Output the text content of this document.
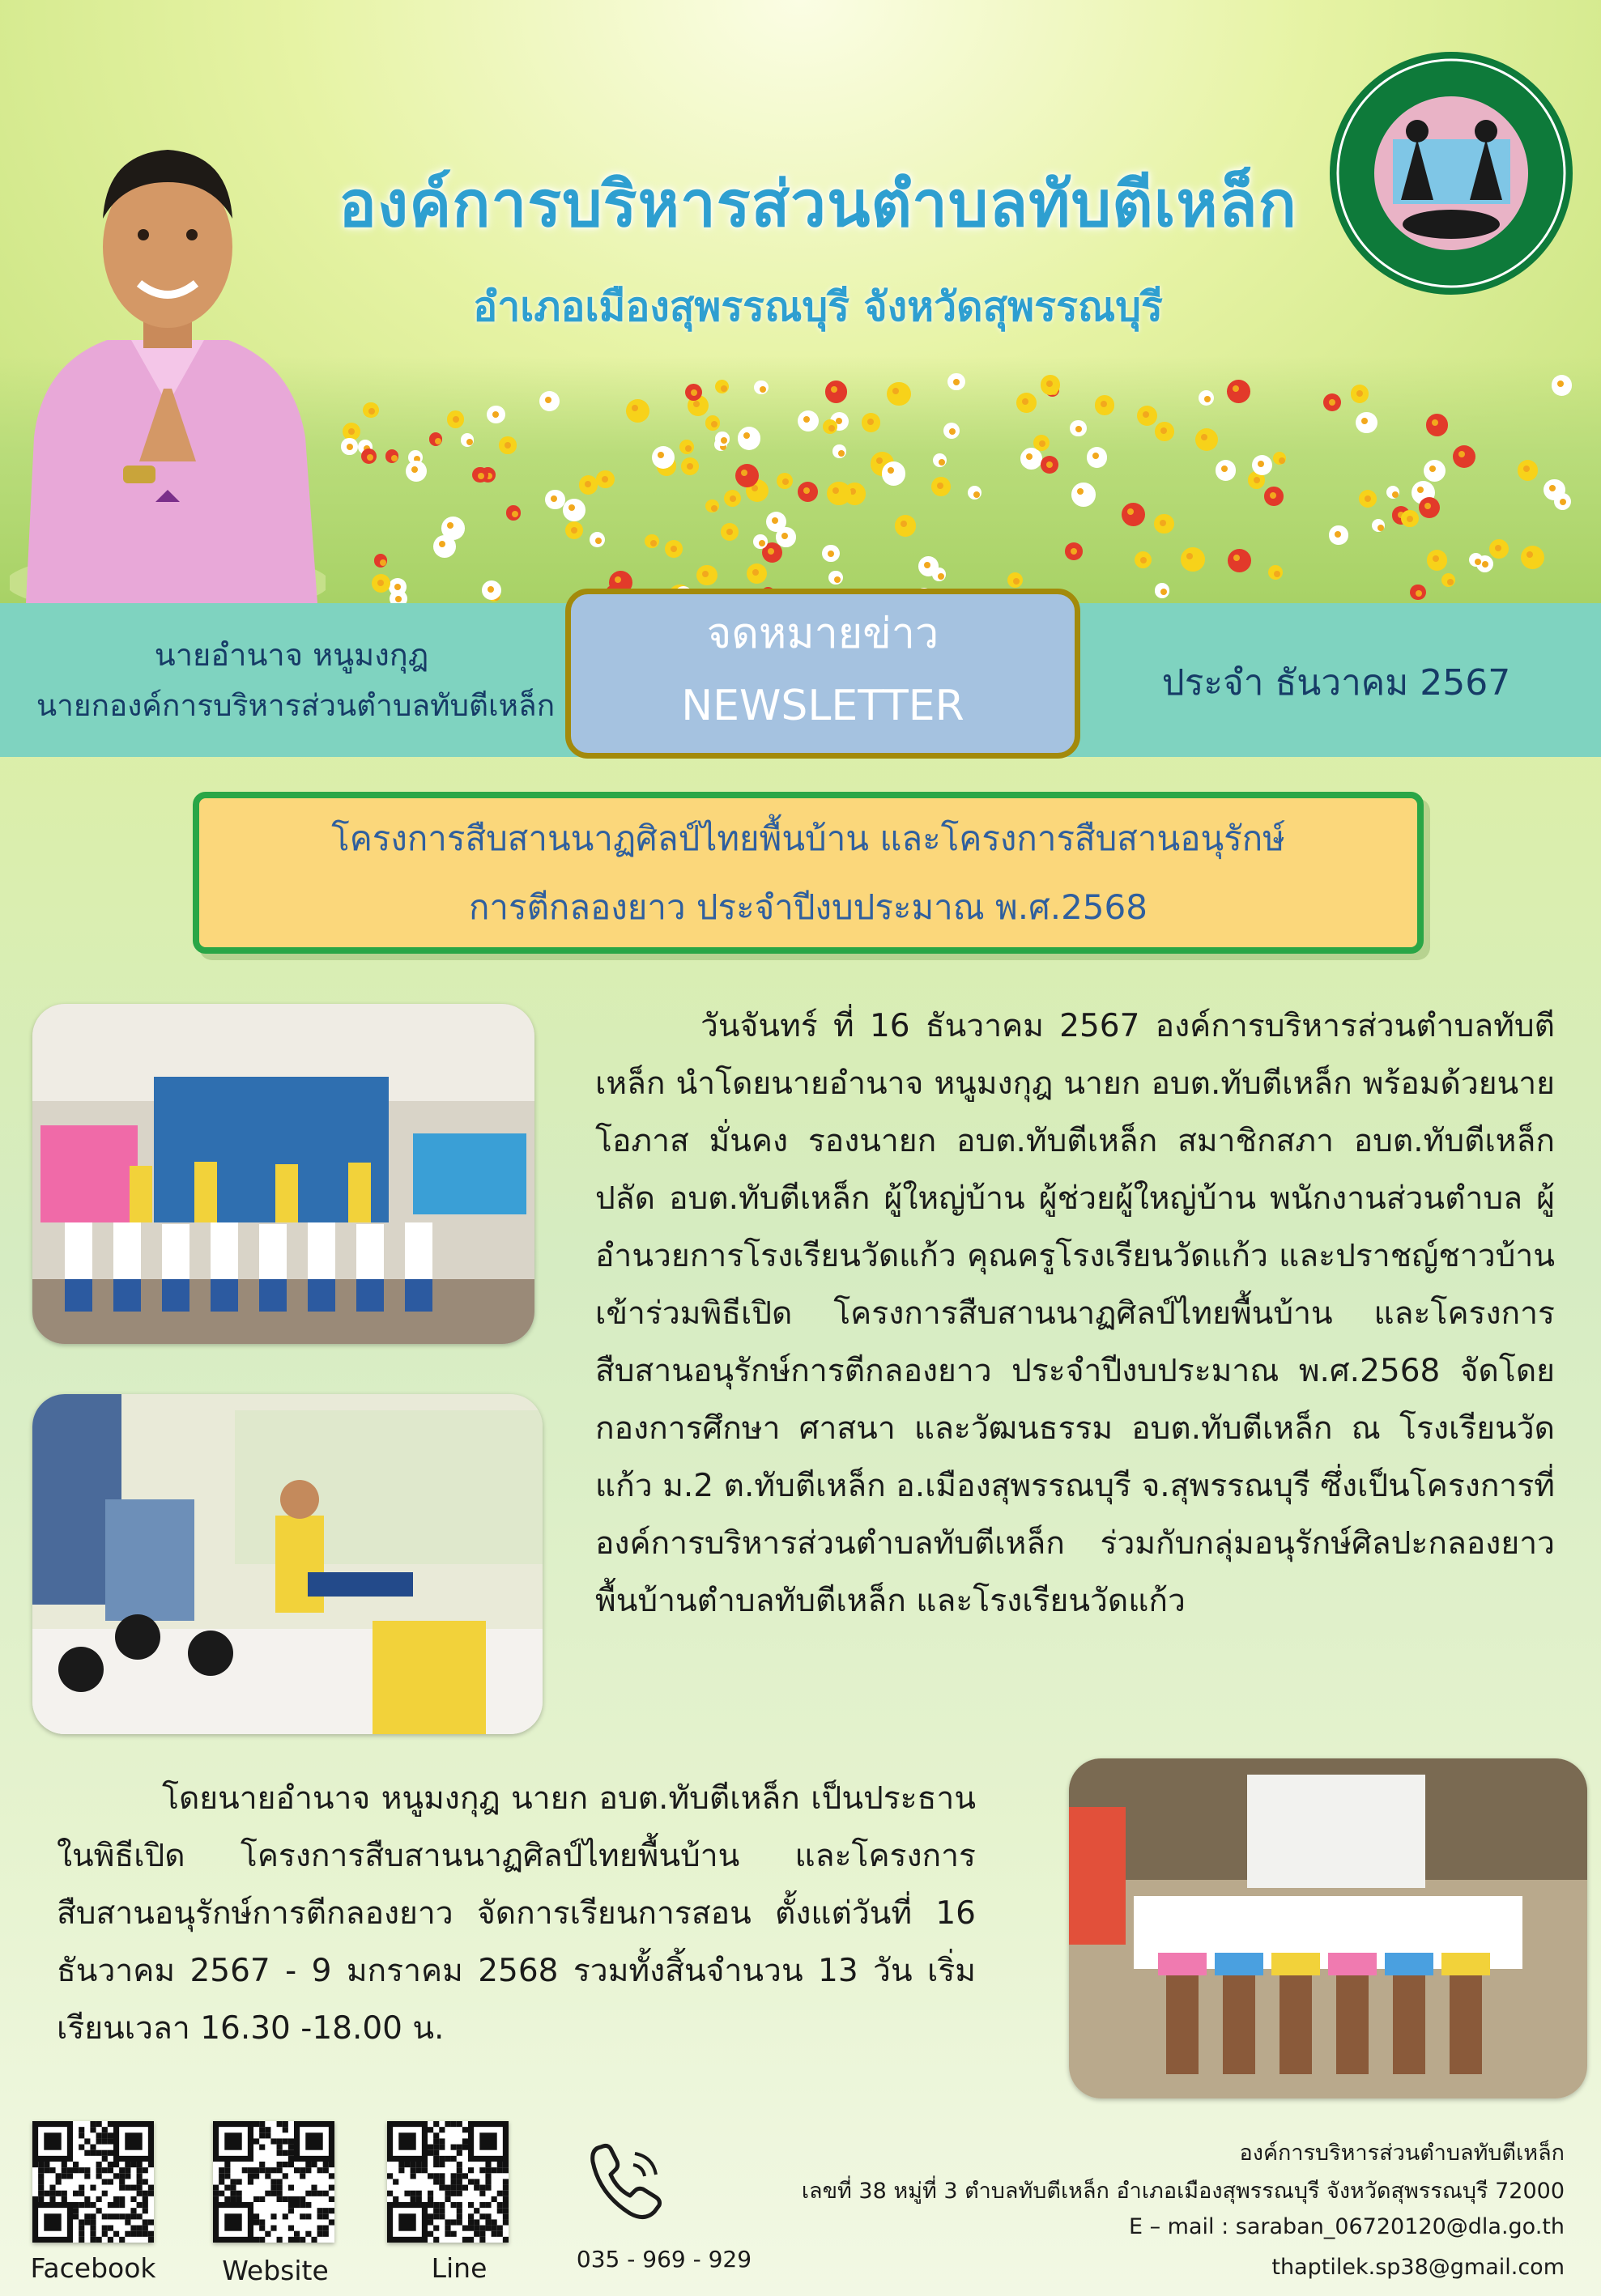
องค์การบริหารส่วนตำบลทับตีเหล็ก
อำเภอเมืองสุพรรณบุรี จังหวัดสุพรรณบุรี
นายอำนาจ หนูมงกุฎ
นายกองค์การบริหารส่วนตำบลทับตีเหล็ก
จดหมายข่าว
NEWSLETTER	ประจำ ธันวาคม 2567
โครงการสืบสานนาฏศิลป์ไทยพื้นบ้าน และโครงการสืบสานอนุรักษ์
การตีกลองยาว ประจำปีงบประมาณ พ.ศ.2568

วันจันทร์ ที่ 16 ธันวาคม 2567 องค์การบริหารส่วนตำบลทับตีเหล็ก นำโดยนายอำนาจ หนูมงกุฎ นายก อบต.ทับตีเหล็ก พร้อมด้วยนายโอภาส มั่นคง รองนายก อบต.ทับตีเหล็ก สมาชิกสภา อบต.ทับตีเหล็ก ปลัด อบต.ทับตีเหล็ก ผู้ใหญ่บ้าน ผู้ช่วยผู้ใหญ่บ้าน พนักงานส่วนตำบล ผู้อำนวยการโรงเรียนวัดแก้ว คุณครูโรงเรียนวัดแก้ว และปราชญ์ชาวบ้าน เข้าร่วมพิธีเปิด โครงการสืบสานนาฏศิลป์ไทยพื้นบ้าน และโครงการสืบสานอนุรักษ์การตีกลองยาว ประจำปีงบประมาณ พ.ศ.2568 จัดโดยกองการศึกษา ศาสนา และวัฒนธรรม อบต.ทับตีเหล็ก ณ โรงเรียนวัดแก้ว ม.2 ต.ทับตีเหล็ก อ.เมืองสุพรรณบุรี จ.สุพรรณบุรี ซึ่งเป็นโครงการที่องค์การบริหารส่วนตำบลทับตีเหล็ก ร่วมกับกลุ่มอนุรักษ์ศิลปะกลองยาวพื้นบ้านตำบลทับตีเหล็ก และโรงเรียนวัดแก้ว

โดยนายอำนาจ หนูมงกุฎ นายก อบต.ทับตีเหล็ก เป็นประธานในพิธีเปิด โครงการสืบสานนาฏศิลป์ไทยพื้นบ้าน และโครงการสืบสานอนุรักษ์การตีกลองยาว จัดการเรียนการสอน ตั้งแต่วันที่ 16 ธันวาคม 2567 - 9 มกราคม 2568 รวมทั้งสิ้นจำนวน 13 วัน เริ่มเรียนเวลา 16.30 -18.00 น.

Facebook	Website	Line	035 - 969 - 929
องค์การบริหารส่วนตำบลทับตีเหล็ก
เลขที่ 38 หมู่ที่ 3 ตำบลทับตีเหล็ก อำเภอเมืองสุพรรณบุรี จังหวัดสุพรรณบุรี 72000
E – mail : saraban_06720120@dla.go.th
thaptilek.sp38@gmail.com
